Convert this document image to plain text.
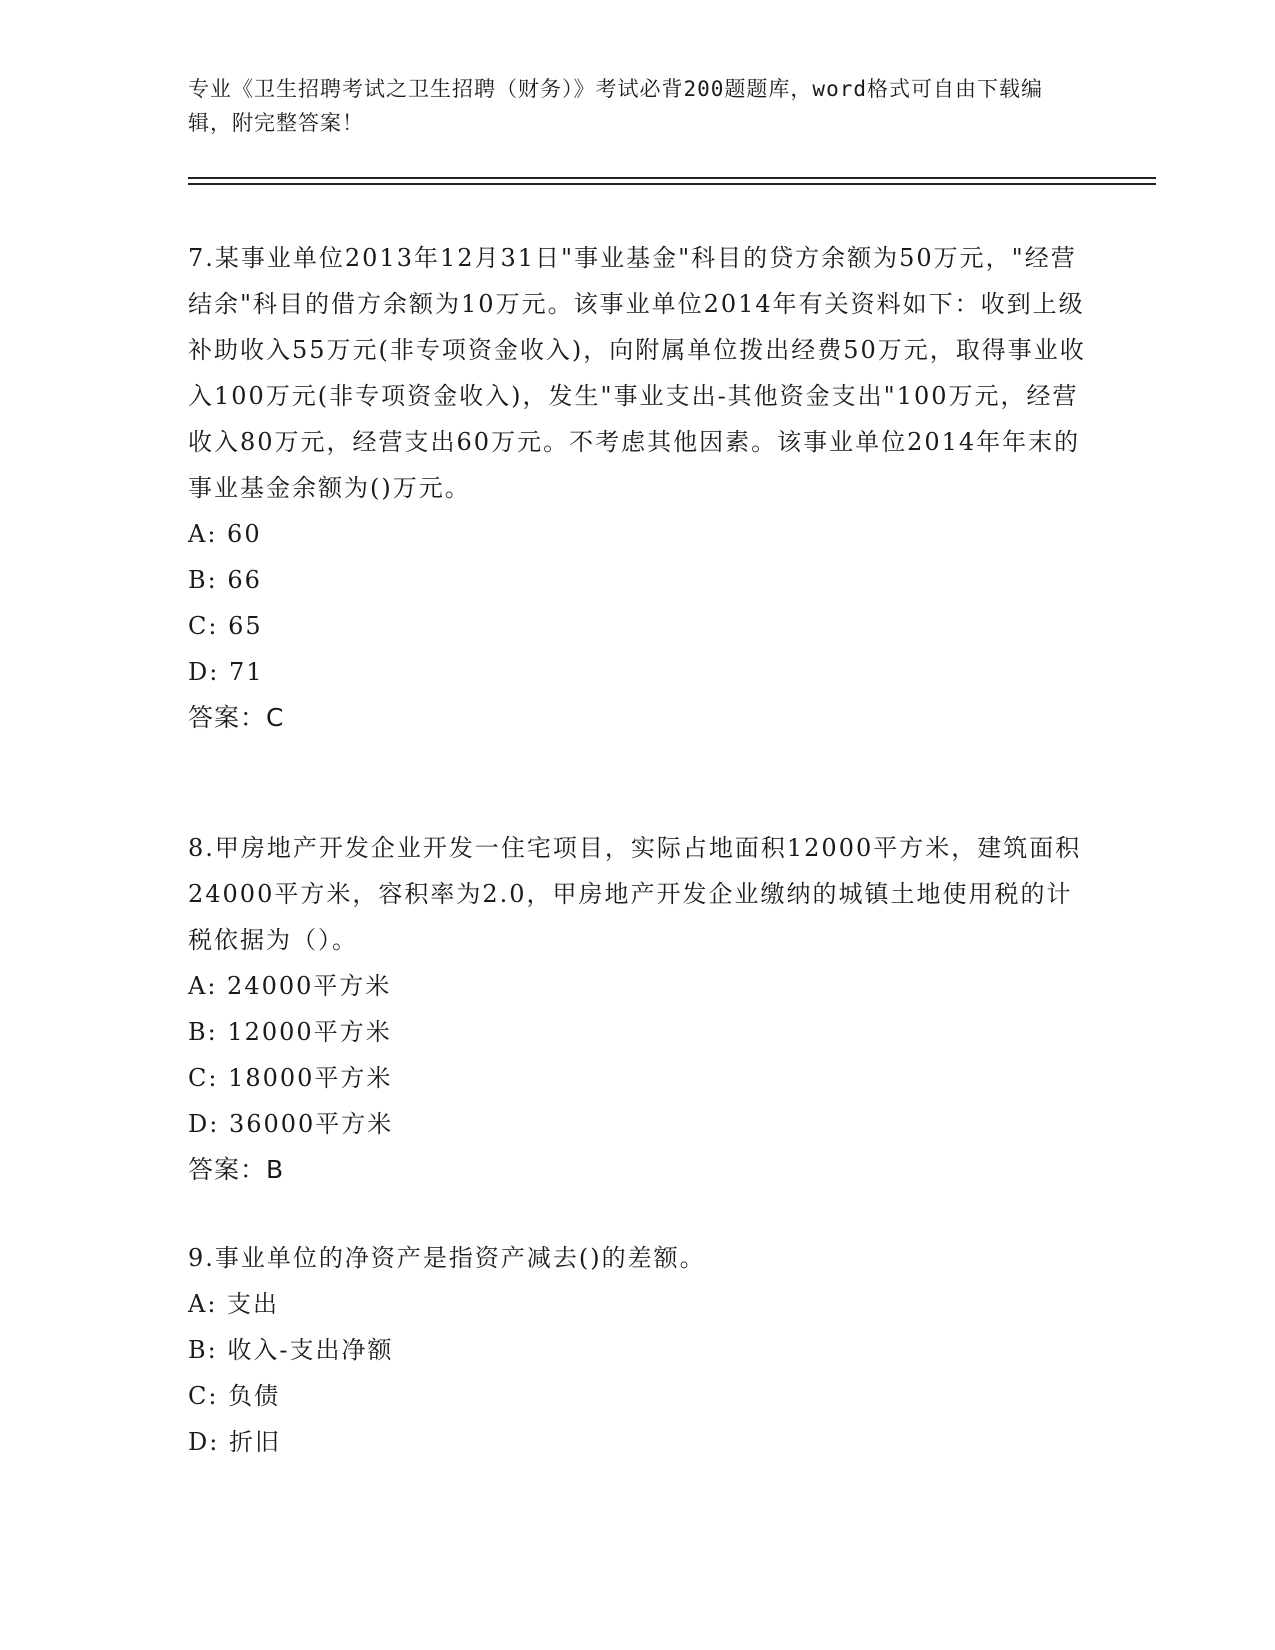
专业《卫生招聘考试之卫生招聘（财务）》考试必背200题题库，word格式可自由下载编辑，附完整答案！
7.某事业单位2013年12月31日"事业基金"科目的贷方余额为50万元，"经营结余"科目的借方余额为10万元。该事业单位2014年有关资料如下：收到上级补助收入55万元(非专项资金收入)，向附属单位拨出经费50万元，取得事业收入100万元(非专项资金收入)，发生"事业支出-其他资金支出"100万元，经营收入80万元，经营支出60万元。不考虑其他因素。该事业单位2014年年末的事业基金余额为()万元。
A: 60
B: 66
C: 65
D: 71
答案：C
8.甲房地产开发企业开发一住宅项目，实际占地面积12000平方米，建筑面积24000平方米，容积率为2.0，甲房地产开发企业缴纳的城镇土地使用税的计税依据为（）。
A: 24000平方米
B: 12000平方米
C: 18000平方米
D: 36000平方米
答案：B
9.事业单位的净资产是指资产减去()的差额。
A: 支出
B: 收入-支出净额
C: 负债
D: 折旧
